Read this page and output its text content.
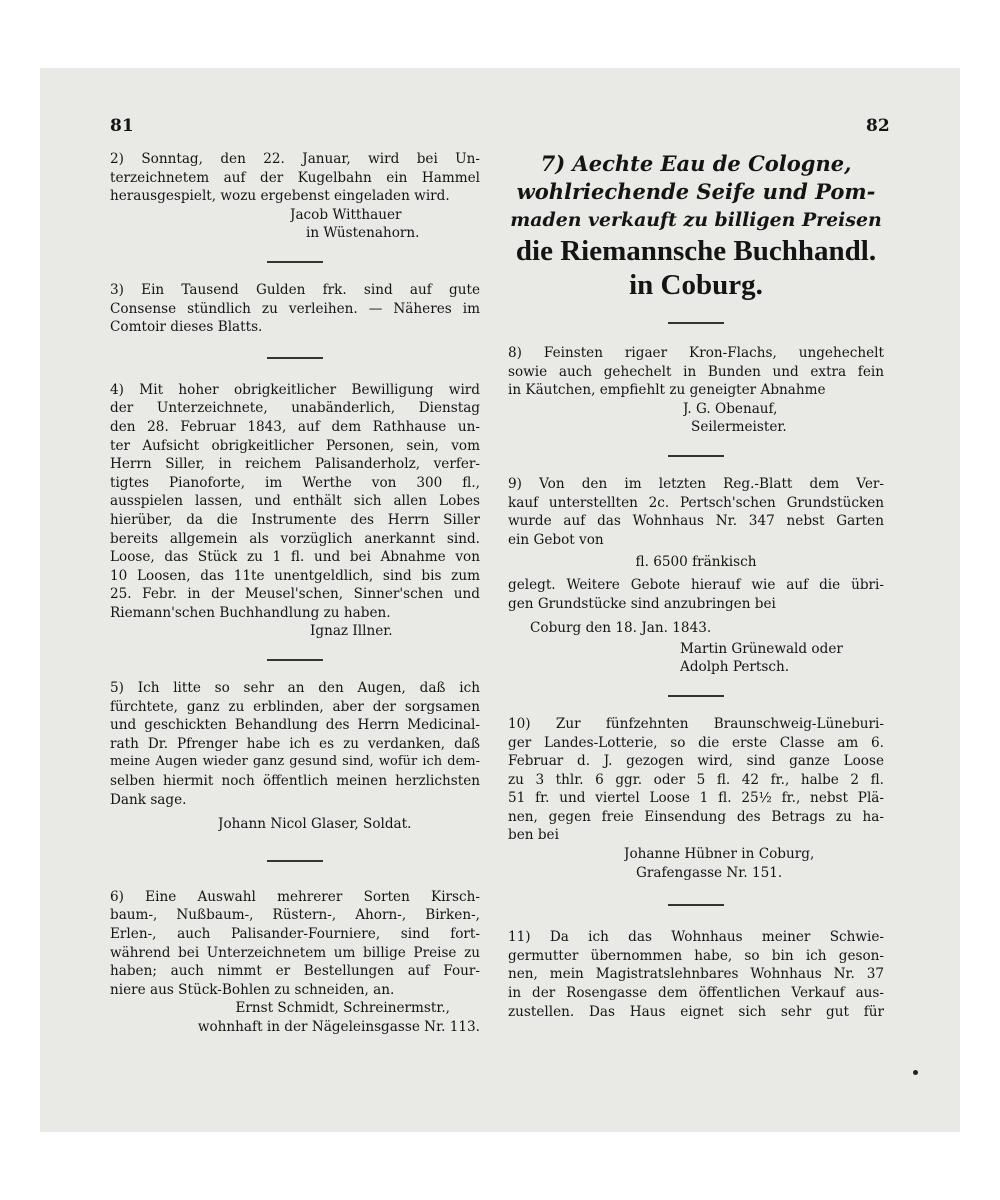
81	82
2) Sonntag, den 22. Januar, wird bei Un-
terzeichnetem auf der Kugelbahn ein Hammel
herausgespielt, wozu ergebenst eingeladen wird.
Jacob Witthauer
in Wüstenahorn.
3) Ein Tausend Gulden frk. sind auf gute
Consense stündlich zu verleihen. — Näheres im
Comtoir dieses Blatts.
4) Mit hoher obrigkeitlicher Bewilligung wird
der Unterzeichnete, unabänderlich, Dienstag
den 28. Februar 1843, auf dem Rathhause un-
ter Aufsicht obrigkeitlicher Personen, sein, vom
Herrn Siller, in reichem Palisanderholz, verfer-
tigtes Pianoforte, im Werthe von 300 fl.,
ausspielen lassen, und enthält sich allen Lobes
hierüber, da die Instrumente des Herrn Siller
bereits allgemein als vorzüglich anerkannt sind.
Loose, das Stück zu 1 fl. und bei Abnahme von
10 Loosen, das 11te unentgeldlich, sind bis zum
25. Febr. in der Meusel'schen, Sinner'schen und
Riemann'schen Buchhandlung zu haben.
Ignaz Illner.
5) Ich litte so sehr an den Augen, daß ich
fürchtete, ganz zu erblinden, aber der sorgsamen
und geschickten Behandlung des Herrn Medicinal-
rath Dr. Pfrenger habe ich es zu verdanken, daß
meine Augen wieder ganz gesund sind, wofür ich dem-
selben hiermit noch öffentlich meinen herzlichsten
Dank sage.
Johann Nicol Glaser, Soldat.
6) Eine Auswahl mehrerer Sorten Kirsch-
baum-, Nußbaum-, Rüstern-, Ahorn-, Birken-,
Erlen-, auch Palisander-Fourniere, sind fort-
während bei Unterzeichnetem um billige Preise zu
haben; auch nimmt er Bestellungen auf Four-
niere aus Stück-Bohlen zu schneiden, an.
Ernst Schmidt, Schreinermstr.,
wohnhaft in der Nägeleinsgasse Nr. 113.
7) Aechte Eau de Cologne,
wohlriechende Seife und Pom-
maden verkauft zu billigen Preisen
die Riemannsche Buchhandl.
in Coburg.
8) Feinsten rigaer Kron-Flachs, ungehechelt
sowie auch gehechelt in Bunden und extra fein
in Käutchen, empfiehlt zu geneigter Abnahme
J. G. Obenauf,
Seilermeister.
9) Von den im letzten Reg.-Blatt dem Ver-
kauf unterstellten 2c. Pertsch'schen Grundstücken
wurde auf das Wohnhaus Nr. 347 nebst Garten
ein Gebot von
fl. 6500 fränkisch
gelegt. Weitere Gebote hierauf wie auf die übri-
gen Grundstücke sind anzubringen bei
Coburg den 18. Jan. 1843.
Martin Grünewald oder
Adolph Pertsch.
10) Zur fünfzehnten Braunschweig-Lüneburi-
ger Landes-Lotterie, so die erste Classe am 6.
Februar d. J. gezogen wird, sind ganze Loose
zu 3 thlr. 6 ggr. oder 5 fl. 42 fr., halbe 2 fl.
51 fr. und viertel Loose 1 fl. 25½ fr., nebst Plä-
nen, gegen freie Einsendung des Betrags zu ha-
ben bei
Johanne Hübner in Coburg,
Grafengasse Nr. 151.
11) Da ich das Wohnhaus meiner Schwie-
germutter übernommen habe, so bin ich geson-
nen, mein Magistratslehnbares Wohnhaus Nr. 37
in der Rosengasse dem öffentlichen Verkauf aus-
zustellen. Das Haus eignet sich sehr gut für
